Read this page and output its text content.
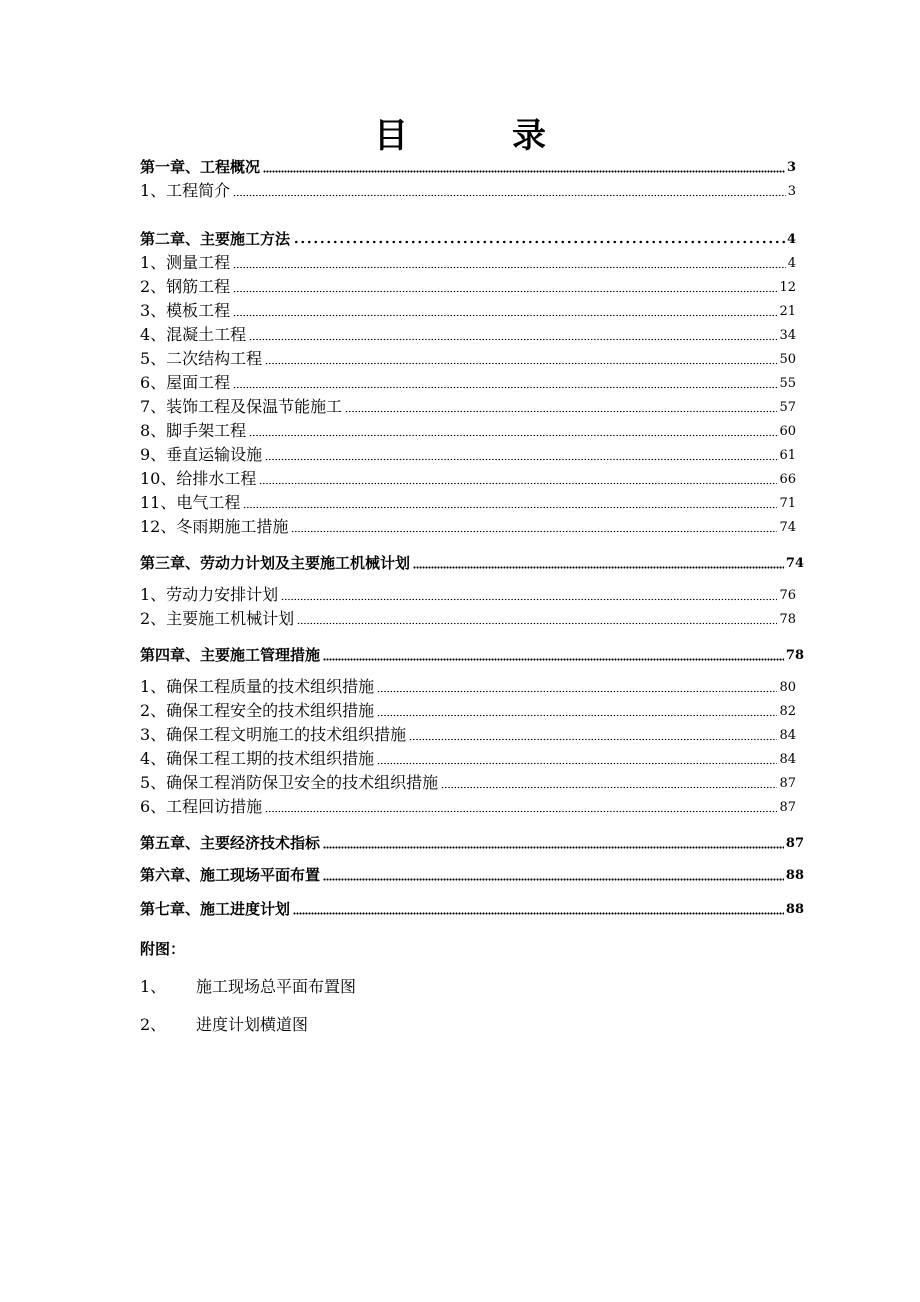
目	录
第一章、工程概况	3
1、工程简介	3
第二章、主要施工方法	4
1、测量工程	4
2、钢筋工程	12
3、模板工程	21
4、混凝土工程	34
5、二次结构工程	50
6、屋面工程	55
7、装饰工程及保温节能施工	57
8、脚手架工程	60
9、垂直运输设施	61
10、给排水工程	66
11、电气工程	71
12、冬雨期施工措施	74
第三章、劳动力计划及主要施工机械计划	74
1、劳动力安排计划	76
2、主要施工机械计划	78
第四章、主要施工管理措施	78
1、确保工程质量的技术组织措施	80
2、确保工程安全的技术组织措施	82
3、确保工程文明施工的技术组织措施	84
4、确保工程工期的技术组织措施	84
5、确保工程消防保卫安全的技术组织措施	87
6、工程回访措施	87
第五章、主要经济技术指标	87
第六章、施工现场平面布置	88
第七章、施工进度计划	88
附图：
1、 施工现场总平面布置图
2、 进度计划横道图
